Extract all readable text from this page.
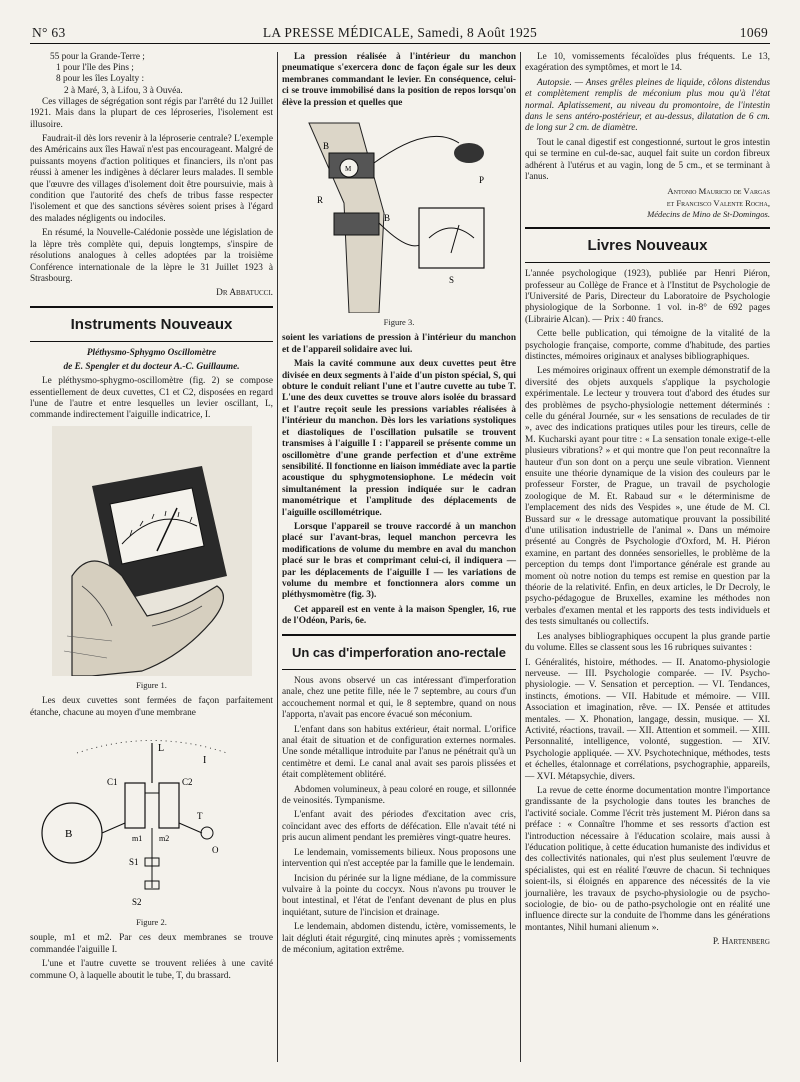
N° 63	LA PRESSE MÉDICALE, Samedi, 8 Août 1925	1069
55 pour la Grande-Terre ;
1 pour l'île des Pins ;
8 pour les îles Loyalty :
2 à Maré, 3, à Lifou, 3 à Ouvéa.

Ces villages de ségrégation sont régis par l'arrêté du 12 Juillet 1921. Mais dans la plupart de ces léproseries, l'isolement est illusoire.

Faudrait-il dès lors revenir à la léproserie centrale? L'exemple des Américains aux îles Hawaï n'est pas encourageant. Malgré de puissants moyens d'action politiques et financiers, ils n'ont pas réussi à amener les indigènes à déclarer leurs malades. Il semble que l'œuvre des villages d'isolement doit être poursuivie, mais à condition que l'autorité des chefs de tribus fasse respecter l'isolement et que des sanctions sévères soient prises à l'égard des malades négligents ou indociles.

En résumé, la Nouvelle-Calédonie possède une législation de la lèpre très complète qui, depuis longtemps, s'inspire de résolutions analogues à celles adoptées par la troisième Conférence internationale de la lèpre le 31 Juillet 1923 à Strasbourg.

Dr Abbatucci.
Instruments Nouveaux
Pléthysmo-Sphygmo Oscillomètre
de E. Spengler et du docteur A.-C. Guillaume.

Le pléthysmo-sphygmo-oscillomètre (fig. 2) se compose essentiellement de deux cuvettes, C1 et C2, disposées en regard l'une de l'autre et entre lesquelles un levier oscillant, L, commande indirectement l'aiguille indicatrice, I.

Figure 1.

Les deux cuvettes sont fermées de façon parfaitement étanche, chacune au moyen d'une membrane

L
I
C1	C2
m1 m2
B
T
O
S1
S2
Figure 2.

souple, m1 et m2. Par ces deux membranes se trouve commandée l'aiguille I.

L'une et l'autre cuvette se trouvent reliées à une cavité commune O, à laquelle aboutit le tube, T, du brassard.

La pression réalisée à l'intérieur du manchon pneumatique s'exercera donc de façon égale sur les deux membranes commandant le levier. En conséquence, celui-ci se trouve immobilisé dans la position de repos lorsqu'on élève la pression et quelles que

B
P
M
R
B
S
Figure 3.

soient les variations de pression à l'intérieur du manchon et de l'appareil solidaire avec lui.

Mais la cavité commune aux deux cuvettes peut être divisée en deux segments à l'aide d'un piston spécial, S, qui obture le conduit reliant l'une et l'autre cuvette au tube T. L'une des deux cuvettes se trouve alors isolée du brassard et l'autre reçoit seule les pressions variables réalisées à l'intérieur du manchon. Dès lors les variations systoliques et diastoliques de l'oscillation pulsatile se trouvent transmises à l'aiguille I : l'appareil se présente comme un oscillomètre d'une grande perfection et d'une extrême sensibilité. Il fonctionne en liaison immédiate avec la partie acoustique du sphygmotensiophone. Le médecin voit simultanément la pression indiquée sur le cadran manométrique et l'amplitude des déplacements de l'aiguille oscillométrique.

Lorsque l'appareil se trouve raccordé à un manchon placé sur l'avant-bras, lequel manchon percevra les modifications de volume du membre en aval du manchon placé sur le bras et comprimant celui-ci, il indiquera — par les déplacements de l'aiguille I — les variations de volume du membre et fonctionnera alors comme un pléthysmomètre (fig. 3).

Cet appareil est en vente à la maison Spengler, 16, rue de l'Odéon, Paris, 6e.

Un cas d'imperforation ano-rectale

Nous avons observé un cas intéressant d'imperforation anale, chez une petite fille, née le 7 septembre, au cours d'un accouchement normal et qui, le 8 septembre, quand on nous l'apporta, n'avait pas encore évacué son méconium.

L'enfant dans son habitus extérieur, était normal. L'orifice anal était de situation et de configuration externes normales. Une sonde métallique introduite par l'anus ne pénétrait qu'à un centimètre et demi. Le canal anal avait ses parois plissées et était complètement oblitéré.

Abdomen volumineux, à peau coloré en rouge, et sillonnée de veinosités. Tympanisme.

L'enfant avait des périodes d'excitation avec cris, coïncidant avec des efforts de défécation. Elle n'avait tété ni pris aucun aliment pendant les premières vingt-quatre heures.

Le lendemain, vomissements bilieux. Nous proposons une intervention qui n'est acceptée par la famille que le lendemain.

Incision du périnée sur la ligne médiane, de la commissure vulvaire à la pointe du coccyx. Nous n'avons pu trouver le bout intestinal, et l'état de l'enfant devenant de plus en plus inquiétant, suture de l'incision et drainage.

Le lendemain, abdomen distendu, ictère, vomissements, le lait dégluti était régurgité, cinq minutes après ; vomissements de méconium, agitation extrême.

Le 10, vomissements fécaloïdes plus fréquents. Le 13, exagération des symptômes, et mort le 14.

Autopsie. — Anses grêles pleines de liquide, côlons distendus et complètement remplis de méconium plus mou qu'à l'état normal. Aplatissement, au niveau du promontoire, de l'intestin dans le sens antéro-postérieur, et au-dessus, dilatation de 6 cm. de long sur 2 cm. de diamètre.

Tout le canal digestif est congestionné, surtout le gros intestin qui se termine en cul-de-sac, auquel fait suite un cordon fibreux adhérent à l'utérus et au vagin, long de 5 cm., et se terminant à l'anus.

Antonio Mauricio de Vargas
et Francisco Valente Rocha,
Médecins de Mino de St-Domingos.
Livres Nouveaux

L'année psychologique (1923), publiée par Henri Piéron, professeur au Collège de France et à l'Institut de Psychologie de l'Université de Paris, Directeur du Laboratoire de Psychologie physiologique de la Sorbonne. 1 vol. in-8° de 692 pages (Librairie Alcan). — Prix : 40 francs.

Cette belle publication, qui témoigne de la vitalité de la psychologie française, comporte, comme d'habitude, des parties distinctes, mémoires originaux et analyses bibliographiques.

Les mémoires originaux offrent un exemple démonstratif de la diversité des objets auxquels s'applique la psychologie expérimentale. Le lecteur y trouvera tout d'abord des études sur des problèmes de psycho-physiologie nettement déterminés : celle du général Journée, sur « les sensations de reculades de tir », avec des indications pratiques utiles pour les tireurs, celle de M. Kucharski ayant pour titre : « La sensation tonale exige-t-elle plusieurs vibrations? » et qui montre que l'on peut reconnaître la hauteur d'un son dont on a perçu une seule vibration. Viennent ensuite une théorie dynamique de la vision des couleurs par le professeur Forster, de Prague, un travail de psychologie zoologique de M. Et. Rabaud sur « le déterminisme de l'emplacement des nids des Vespides », une étude de M. Cl. Bussard sur « le dressage automatique prouvant la possibilité d'une utilisation industrielle de l'animal ». Dans un mémoire présenté au Congrès de Psychologie d'Oxford, M. H. Piéron examine, en partant des données sensorielles, le problème de la perception du temps dont l'importance générale est grande au moment où notre notion du temps est remise en question par la théorie de la relativité. Enfin, en deux articles, le Dr Decroly, le psycho-pédagogue de Bruxelles, examine les méthodes non verbales d'examen mental et les rapports des tests individuels et des tests simultanés ou collectifs.

Les analyses bibliographiques occupent la plus grande partie du volume. Elles se classent sous les 16 rubriques suivantes :

I. Généralités, histoire, méthodes. — II. Anatomo-physiologie nerveuse. — III. Psychologie comparée. — IV. Psycho-physiologie. — V. Sensation et perception. — VI. Tendances, instincts, émotions. — VII. Habitude et mémoire. — VIII. Association et imagination, rêve. — IX. Pensée et attitudes mentales. — X. Phonation, langage, dessin, musique. — XI. Activité, réactions, travail. — XII. Attention et sommeil. — XIII. Personnalité, intelligence, volonté, suggestion. — XIV. Psychologie appliquée. — XV. Psychotechnique, méthodes, tests et échelles, étalonnage et corrélations, psychographie, appareils, — XVI. Métapsychie, divers.

La revue de cette énorme documentation montre l'importance grandissante de la psychologie dans toutes les branches de l'activité sociale. Comme l'écrit très justement M. Piéron dans sa préface : « Connaître l'homme et ses ressorts d'action est l'introduction nécessaire à l'éducation scolaire, mais aussi à l'éducation politique, à cette éducation humaniste des individus et des collectivités nationales, qui n'est plus seulement l'œuvre de spécialistes, qui est en réalité l'œuvre de chacun. Si techniques soient-ils, si éloignés en apparence des nécessités de la vie journalière, les travaux de psycho-physiologie ou de psycho-sociologie, de bio- ou de patho-psychologie ont en réalité une influence directe sur la conduite de l'homme dans les générations montantes, Nihil humani alienum ».

P. Hartenberg
